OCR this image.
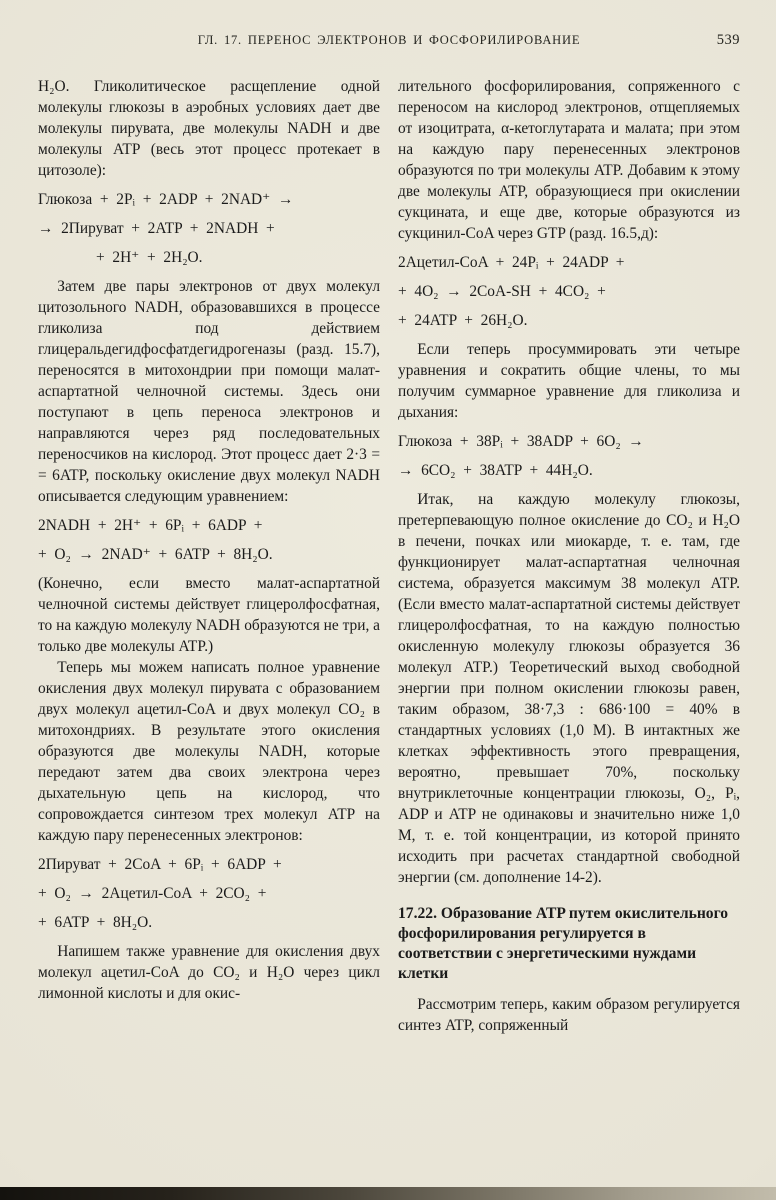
ГЛ. 17. ПЕРЕНОС ЭЛЕКТРОНОВ И ФОСФОРИЛИРОВАНИЕ	539

H₂O. Гликолитическое расщепление одной молекулы глюкозы в аэробных условиях дает две молекулы пирувата, две молекулы NADH и две молекулы ATP (весь этот процесс протекает в цитозоле):

Глюкоза + 2Pᵢ + 2ADP + 2NAD⁺ →
→ 2Пируват + 2ATP + 2NADH +
+ 2H⁺ + 2H₂O.

Затем две пары электронов от двух молекул цитозольного NADH, образовавшихся в процессе гликолиза под действием глицеральдегидфосфатдегидрогеназы (разд. 15.7), переносятся в митохондрии при помощи малат-аспартатной челночной системы. Здесь они поступают в цепь переноса электронов и направляются через ряд последовательных переносчиков на кислород. Этот процесс дает 2·3 = = 6ATP, поскольку окисление двух молекул NADH описывается следующим уравнением:

2NADH + 2H⁺ + 6Pᵢ + 6ADP +
+ O₂ → 2NAD⁺ + 6ATP + 8H₂O.

(Конечно, если вместо малат-аспартатной челночной системы действует глицеролфосфатная, то на каждую молекулу NADH образуются не три, а только две молекулы ATP.)

Теперь мы можем написать полное уравнение окисления двух молекул пирувата с образованием двух молекул ацетил-CoA и двух молекул CO₂ в митохондриях. В результате этого окисления образуются две молекулы NADH, которые передают затем два своих электрона через дыхательную цепь на кислород, что сопровождается синтезом трех молекул ATP на каждую пару перенесенных электронов:

2Пируват + 2CoA + 6Pᵢ + 6ADP +
+ O₂ → 2Ацетил-CoA + 2CO₂ +
+ 6ATP + 8H₂O.

Напишем также уравнение для окисления двух молекул ацетил-CoA до CO₂ и H₂O через цикл лимонной кислоты и для окис-

лительного фосфорилирования, сопряженного с переносом на кислород электронов, отщепляемых от изоцитрата, α-кетоглутарата и малата; при этом на каждую пару перенесенных электронов образуются по три молекулы ATP. Добавим к этому две молекулы ATP, образующиеся при окислении сукцината, и еще две, которые образуются из сукцинил-CoA через GTP (разд. 16.5,д):

2Ацетил-CoA + 24Pᵢ + 24ADP +
+ 4O₂ → 2CoA-SH + 4CO₂ +
+ 24ATP + 26H₂O.

Если теперь просуммировать эти четыре уравнения и сократить общие члены, то мы получим суммарное уравнение для гликолиза и дыхания:

Глюкоза + 38Pᵢ + 38ADP + 6O₂ →
→ 6CO₂ + 38ATP + 44H₂O.

Итак, на каждую молекулу глюкозы, претерпевающую полное окисление до CO₂ и H₂O в печени, почках или миокарде, т. е. там, где функционирует малат-аспартатная челночная система, образуется максимум 38 молекул ATP. (Если вместо малат-аспартатной системы действует глицеролфосфатная, то на каждую полностью окисленную молекулу глюкозы образуется 36 молекул ATP.) Теоретический выход свободной энергии при полном окислении глюкозы равен, таким образом, 38·7,3 : 686·100 = 40% в стандартных условиях (1,0 М). В интактных же клетках эффективность этого превращения, вероятно, превышает 70%, поскольку внутриклеточные концентрации глюкозы, O₂, Pᵢ, ADP и ATP не одинаковы и значительно ниже 1,0 М, т. е. той концентрации, из которой принято исходить при расчетах стандартной свободной энергии (см. дополнение 14-2).

17.22. Образование ATP путем окислительного фосфорилирования регулируется в соответствии с энергетическими нуждами клетки

Рассмотрим теперь, каким образом регулируется синтез ATP, сопряженный
